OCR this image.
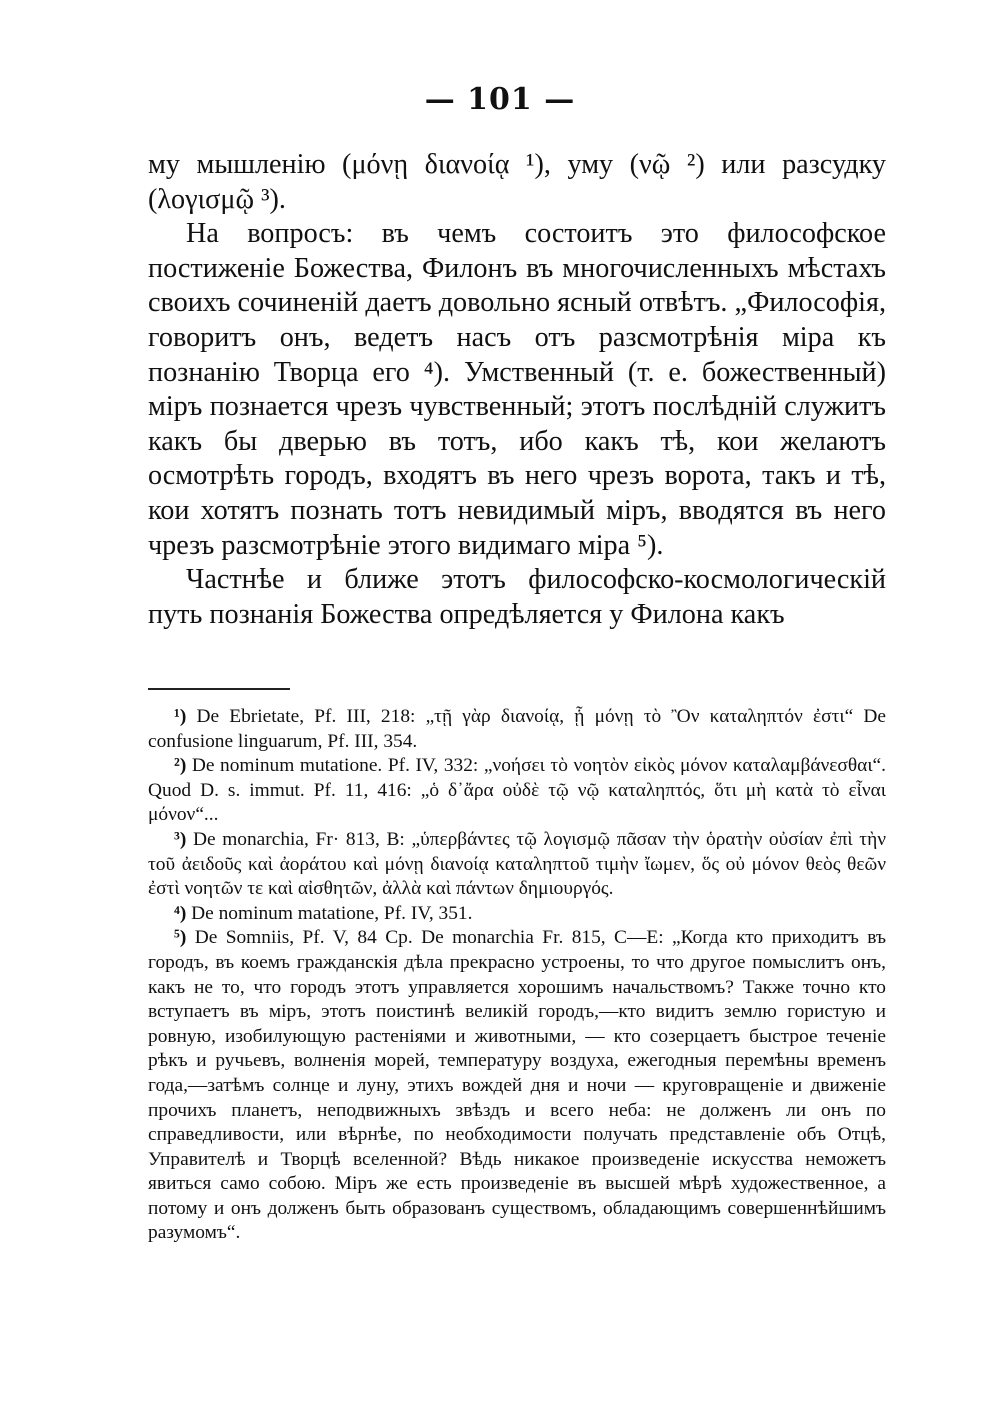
— 101 —

му мышленію (μόνῃ διανοίᾳ ¹), уму (νῷ ²) или разсудку (λογισμῷ ³).

На вопросъ: въ чемъ состоитъ это философское постиженіе Божества, Филонъ въ многочисленныхъ мѣстахъ своихъ сочиненій даетъ довольно ясный отвѣтъ. „Философія, говоритъ онъ, ведетъ насъ отъ разсмотрѣнія міра къ познанію Творца его ⁴). Умственный (т. е. божественный) міръ познается чрезъ чувственный; этотъ послѣдній служитъ какъ бы дверью въ тотъ, ибо какъ тѣ, кои желаютъ осмотрѣть городъ, входятъ въ него чрезъ ворота, такъ и тѣ, кои хотятъ познать тотъ невидимый міръ, вводятся въ него чрезъ разсмотрѣніе этого видимаго міра ⁵).

Частнѣе и ближе этотъ философско-космологическій путь познанія Божества опредѣляется у Филона какъ

¹) De Ebrietate, Pf. III, 218: „τῇ γὰρ διανοίᾳ, ᾗ μόνῃ τὸ Ὂν καταληπτόν ἐστι“ De confusione linguarum, Pf. III, 354.

²) De nominum mutatione. Pf. IV, 332: „νοήσει τὸ νοητὸν εἰκὸς μόνον καταλαμβάνεσθαι“. Quod D. s. immut. Pf. 11, 416: „ὁ δ᾽ἄρα οὐδὲ τῷ νῷ καταληπτός, ὅτι μὴ κατὰ τὸ εἶναι μόνον“...

³) De monarchia, Fr· 813, B: „ὑπερβάντες τῷ λογισμῷ πᾶσαν τὴν ὁρατὴν οὐσίαν ἐπὶ τὴν τοῦ ἀειδοῦς καὶ ἀοράτου καὶ μόνῃ διανοίᾳ καταληπτοῦ τιμὴν ἴωμεν, ὅς οὐ μόνον θεὸς θεῶν ἐστὶ νοητῶν τε καὶ αἰσθητῶν, ἀλλὰ καὶ πάντων δημιουργός.

⁴) De nominum matatione, Pf. IV, 351.

⁵) De Somniis, Pf. V, 84 Cp. De monarchia Fr. 815, C—E: „Когда кто приходитъ въ городъ, въ коемъ гражданскія дѣла прекрасно устроены, то что другое помыслитъ онъ, какъ не то, что городъ этотъ управляется хорошимъ начальствомъ? Также точно кто вступаетъ въ міръ, этотъ поистинѣ великій городъ,—кто видитъ землю гористую и ровную, изобилующую растеніями и животными, — кто созерцаетъ быстрое теченіе рѣкъ и ручьевъ, волненія морей, температуру воздуха, ежегодныя перемѣны временъ года,—затѣмъ солнце и луну, этихъ вождей дня и ночи — круговращеніе и движеніе прочихъ планетъ, неподвижныхъ звѣздъ и всего неба: не долженъ ли онъ по справедливости, или вѣрнѣе, по необходимости получать представленіе объ Отцѣ, Управителѣ и Творцѣ вселенной? Вѣдь никакое произведеніе искусства неможетъ явиться само собою. Міръ же есть произведеніе въ высшей мѣрѣ художественное, а потому и онъ долженъ быть образованъ существомъ, обладающимъ совершеннѣйшимъ разумомъ“.
